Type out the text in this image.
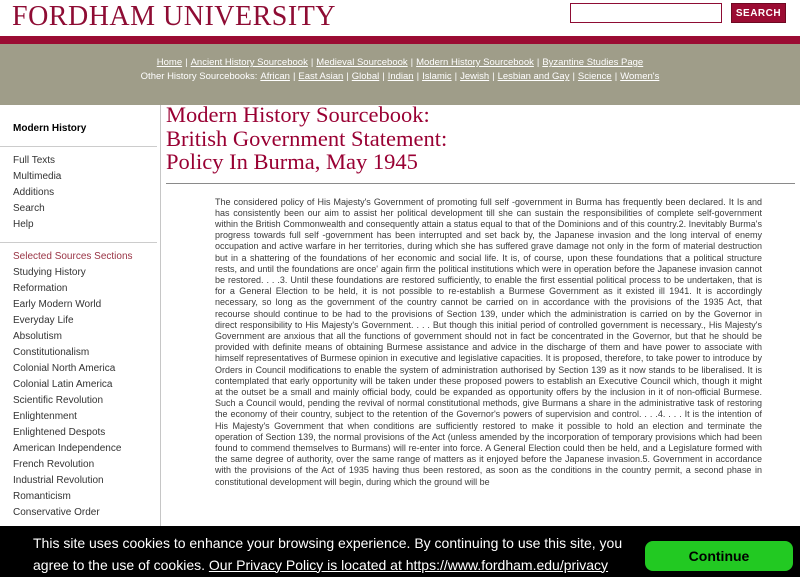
FORDHAM UNIVERSITY	SEARCH
Home | Ancient History Sourcebook | Medieval Sourcebook | Modern History Sourcebook | Byzantine Studies Page
Other History Sourcebooks: African | East Asian | Global | Indian | Islamic | Jewish | Lesbian and Gay | Science | Women's
Modern History
Full Texts
Multimedia
Additions
Search
Help
Selected Sources Sections
Studying History
Reformation
Early Modern World
Everyday Life
Absolutism
Constitutionalism
Colonial North America
Colonial Latin America
Scientific Revolution
Enlightenment
Enlightened Despots
American Independence
French Revolution
Industrial Revolution
Romanticism
Conservative Order
Modern History Sourcebook:
British Government Statement:
Policy In Burma, May 1945
The considered policy of His Majesty's Government of promoting full self -government in Burma has frequently been declared. It Is and has consistently been our aim to assist her political development till she can sustain the responsibilities of complete self-government within the British Commonwealth and consequently attain a status equal to that of the Dominions and of this country.2. Inevitably Burma's progress towards full self -government has been interrupted and set back by, the Japanese invasion and the long interval of enemy occupation and active warfare in her territories, during which she has suffered grave damage not only in the form of material destruction but in a shattering of the foundations of her economic and social life. It is, of course, upon these foundations that a political structure rests, and until the foundations are once' again firm the political institutions which were in operation before the Japanese invasion cannot be restored. . . .3. Until these foundations are restored sufficiently, to enable the first essential political process to be undertaken, that is for a General Election to be held, it is not possible to re-establish a Burmese Government as it existed ill 1941. It is accordingly necessary, so long as the government of the country cannot be carried on in accordance with the provisions of the 1935 Act, that recourse should continue to be had to the provisions of Section 139, under which the administration is carried on by the Governor in direct responsibility to His Majesty's Government. . . . But though this initial period of controlled government is necessary., His Majesty's Government are anxious that all the functions of government should not in fact be concentrated in the Governor, but that he should be provided with definite means of obtaining Burmese assistance and advice in the discharge of them and have power to associate with himself representatives of Burmese opinion in executive and legislative capacities. It is proposed, therefore, to take power to introduce by Orders in Council modifications to enable the system of administration authorised by Section 139 as it now stands to be liberalised. It is contemplated that early opportunity will be taken under these proposed powers to establish an Executive Council which, though it might at the outset be a small and mainly official body, could be expanded as opportunity offers by the inclusion in it of non-official Burmese. Such a Council would, pending the revival of normal constitutional methods, give Burmans a share in the administrative task of restoring the economy of their country, subject to the retention of the Governor's powers of supervision and control. . . .4. . . . It is the intention of His Majesty's Government that when conditions are sufficiently restored to make it possible to hold an election and terminate the operation of Section 139, the normal provisions of the Act (unless amended by the incorporation of temporary provisions which had been found to commend themselves to Burmans) will re-enter into force. A General Election could then be held, and a Legislature formed with the same degree of authority, over the same range of matters as it enjoyed before the Japanese invasion.5. Government in accordance with the provisions of the Act of 1935 having thus been restored, as soon as the conditions in the country permit, a second phase in constitutional development will begin, during which the ground will be
This site uses cookies to enhance your browsing experience. By continuing to use this site, you agree to the use of cookies. Our Privacy Policy is located at https://www.fordham.edu/privacy
Continue
